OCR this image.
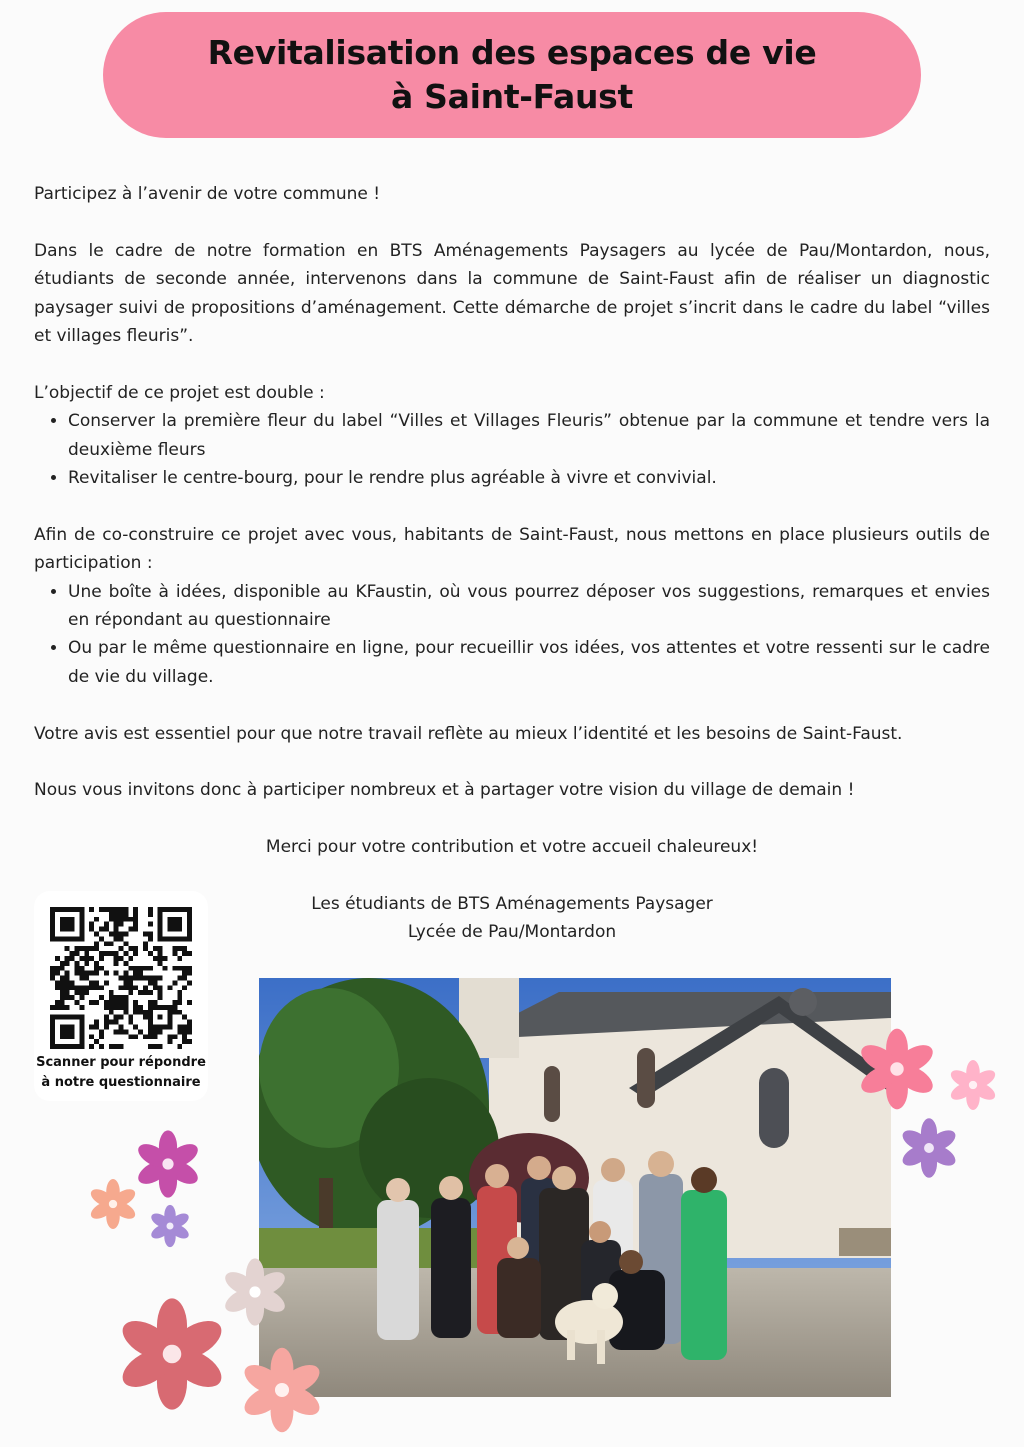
Revitalisation des espaces de vie
à Saint-Faust

Participez à l’avenir de votre commune !

Dans le cadre de notre formation en BTS Aménagements Paysagers au lycée de Pau/Montardon, nous, étudiants de seconde année, intervenons dans la commune de Saint-Faust afin de réaliser un diagnostic paysager suivi de propositions d’aménagement. Cette démarche de projet s’incrit dans le cadre du label “villes et villages fleuris”.

L’objectif de ce projet est double :

• Conserver la première fleur du label “Villes et Villages Fleuris” obtenue par la commune et tendre vers la deuxième fleurs
• Revitaliser le centre-bourg, pour le rendre plus agréable à vivre et convivial.

Afin de co-construire ce projet avec vous, habitants de Saint-Faust, nous mettons en place plusieurs outils de participation :

• Une boîte à idées, disponible au KFaustin, où vous pourrez déposer vos suggestions, remarques et envies en répondant au questionnaire
• Ou par le même questionnaire en ligne, pour recueillir vos idées, vos attentes et votre ressenti sur le cadre de vie du village.

Votre avis est essentiel pour que notre travail reflète au mieux l’identité et les besoins de Saint-Faust.

Nous vous invitons donc à participer nombreux et à partager votre vision du village de demain !

Merci pour votre contribution et votre accueil chaleureux!

Les étudiants de BTS Aménagements Paysager

Lycée de Pau/Montardon

Scanner pour répondre
à notre questionnaire
